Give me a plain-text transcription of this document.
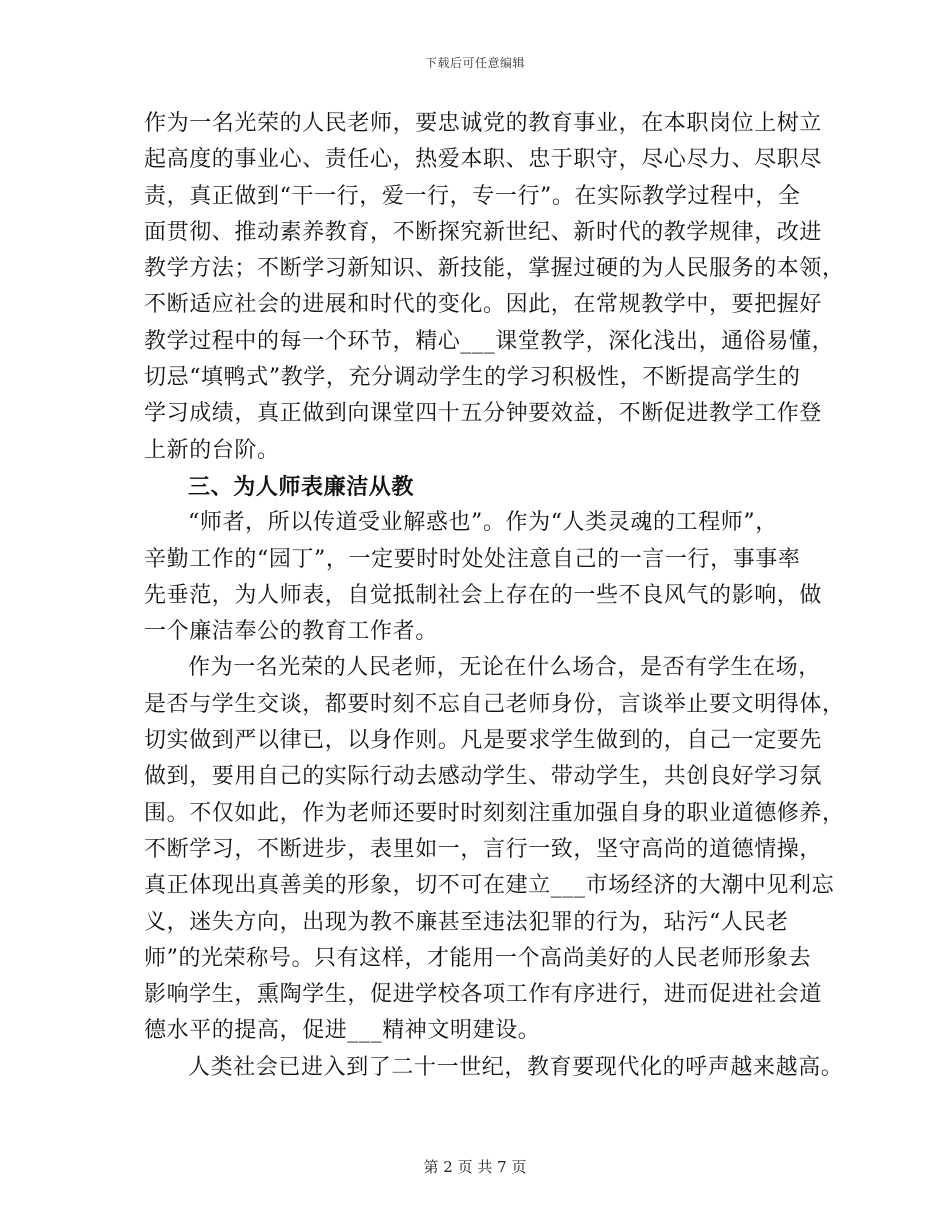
下载后可任意编辑

作为一名光荣的人民老师，要忠诚党的教育事业，在本职岗位上树立
起高度的事业心、责任心，热爱本职、忠于职守，尽心尽力、尽职尽
责，真正做到“干一行，爱一行，专一行”。在实际教学过程中，全
面贯彻、推动素养教育，不断探究新世纪、新时代的教学规律，改进
教学方法；不断学习新知识、新技能，掌握过硬的为人民服务的本领，
不断适应社会的进展和时代的变化。因此，在常规教学中，要把握好
教学过程中的每一个环节，精心___课堂教学，深化浅出，通俗易懂，
切忌“填鸭式”教学，充分调动学生的学习积极性，不断提高学生的
学习成绩，真正做到向课堂四十五分钟要效益，不断促进教学工作登
上新的台阶。

三、为人师表廉洁从教

“师者，所以传道受业解惑也”。作为“人类灵魂的工程师”，
辛勤工作的“园丁”，一定要时时处处注意自己的一言一行，事事率
先垂范，为人师表，自觉抵制社会上存在的一些不良风气的影响，做
一个廉洁奉公的教育工作者。

作为一名光荣的人民老师，无论在什么场合，是否有学生在场，
是否与学生交谈，都要时刻不忘自己老师身份，言谈举止要文明得体，
切实做到严以律已，以身作则。凡是要求学生做到的，自己一定要先
做到，要用自己的实际行动去感动学生、带动学生，共创良好学习氛
围。不仅如此，作为老师还要时时刻刻注重加强自身的职业道德修养，
不断学习，不断进步，表里如一，言行一致，坚守高尚的道德情操，
真正体现出真善美的形象，切不可在建立___市场经济的大潮中见利忘
义，迷失方向，出现为教不廉甚至违法犯罪的行为，玷污“人民老
师”的光荣称号。只有这样，才能用一个高尚美好的人民老师形象去
影响学生，熏陶学生，促进学校各项工作有序进行，进而促进社会道
德水平的提高，促进___精神文明建设。

人类社会已进入到了二十一世纪，教育要现代化的呼声越来越高。

第 2 页 共 7 页
